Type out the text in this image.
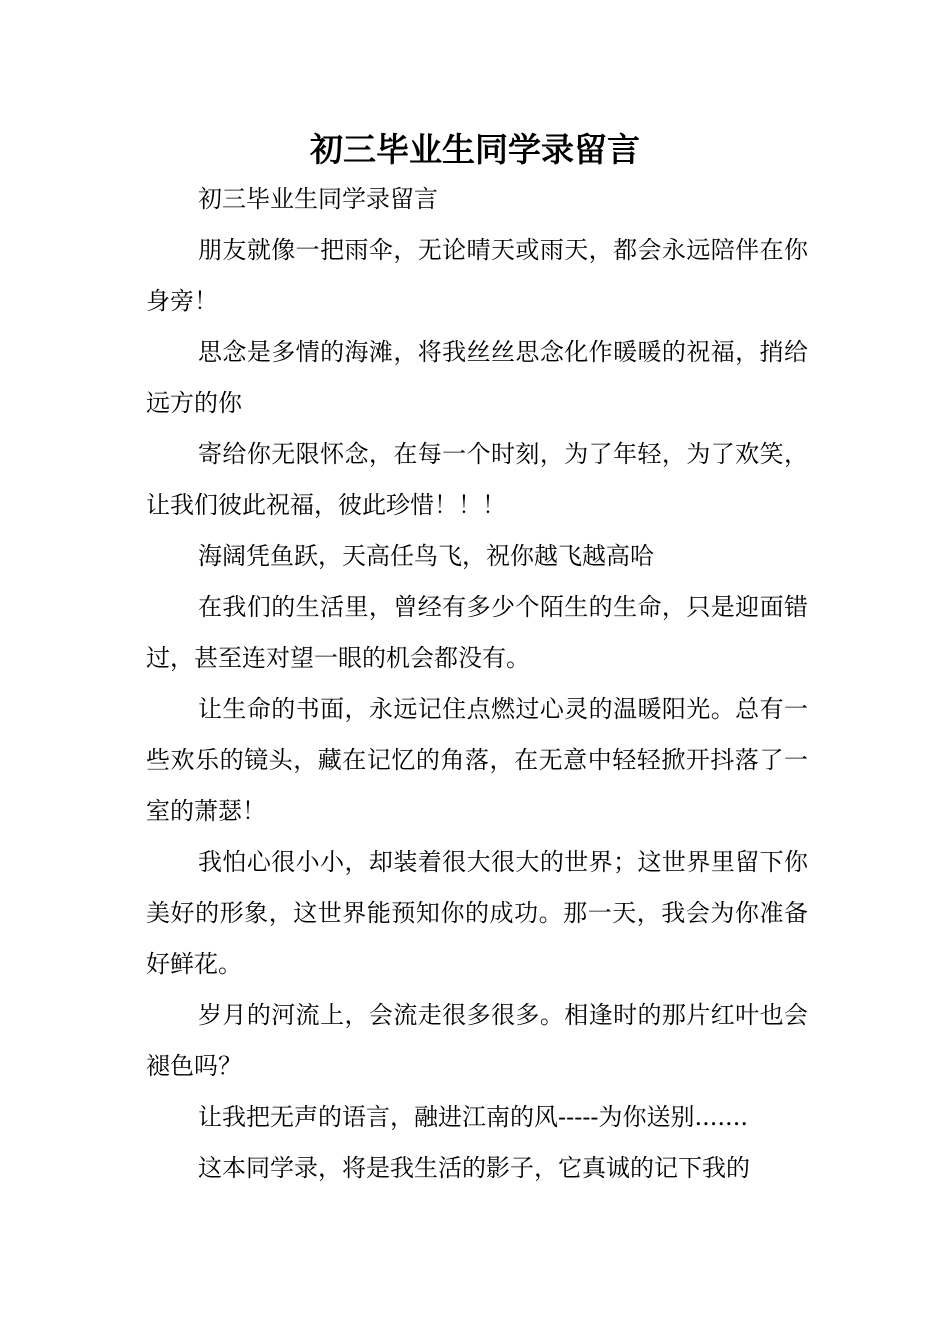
初三毕业生同学录留言

初三毕业生同学录留言

朋友就像一把雨伞，无论晴天或雨天，都会永远陪伴在你身旁！

思念是多情的海滩，将我丝丝思念化作暖暖的祝福，捎给远方的你

寄给你无限怀念，在每一个时刻，为了年轻，为了欢笑，让我们彼此祝福，彼此珍惜！！！

海阔凭鱼跃，天高任鸟飞，祝你越飞越高哈

在我们的生活里，曾经有多少个陌生的生命，只是迎面错过，甚至连对望一眼的机会都没有。

让生命的书面，永远记住点燃过心灵的温暖阳光。总有一些欢乐的镜头，藏在记忆的角落，在无意中轻轻掀开抖落了一室的萧瑟！

我怕心很小小，却装着很大很大的世界；这世界里留下你美好的形象，这世界能预知你的成功。那一天，我会为你准备好鲜花。

岁月的河流上，会流走很多很多。相逢时的那片红叶也会褪色吗？

让我把无声的语言，融进江南的风-----为你送别.......

这本同学录，将是我生活的影子，它真诚的记下我的
